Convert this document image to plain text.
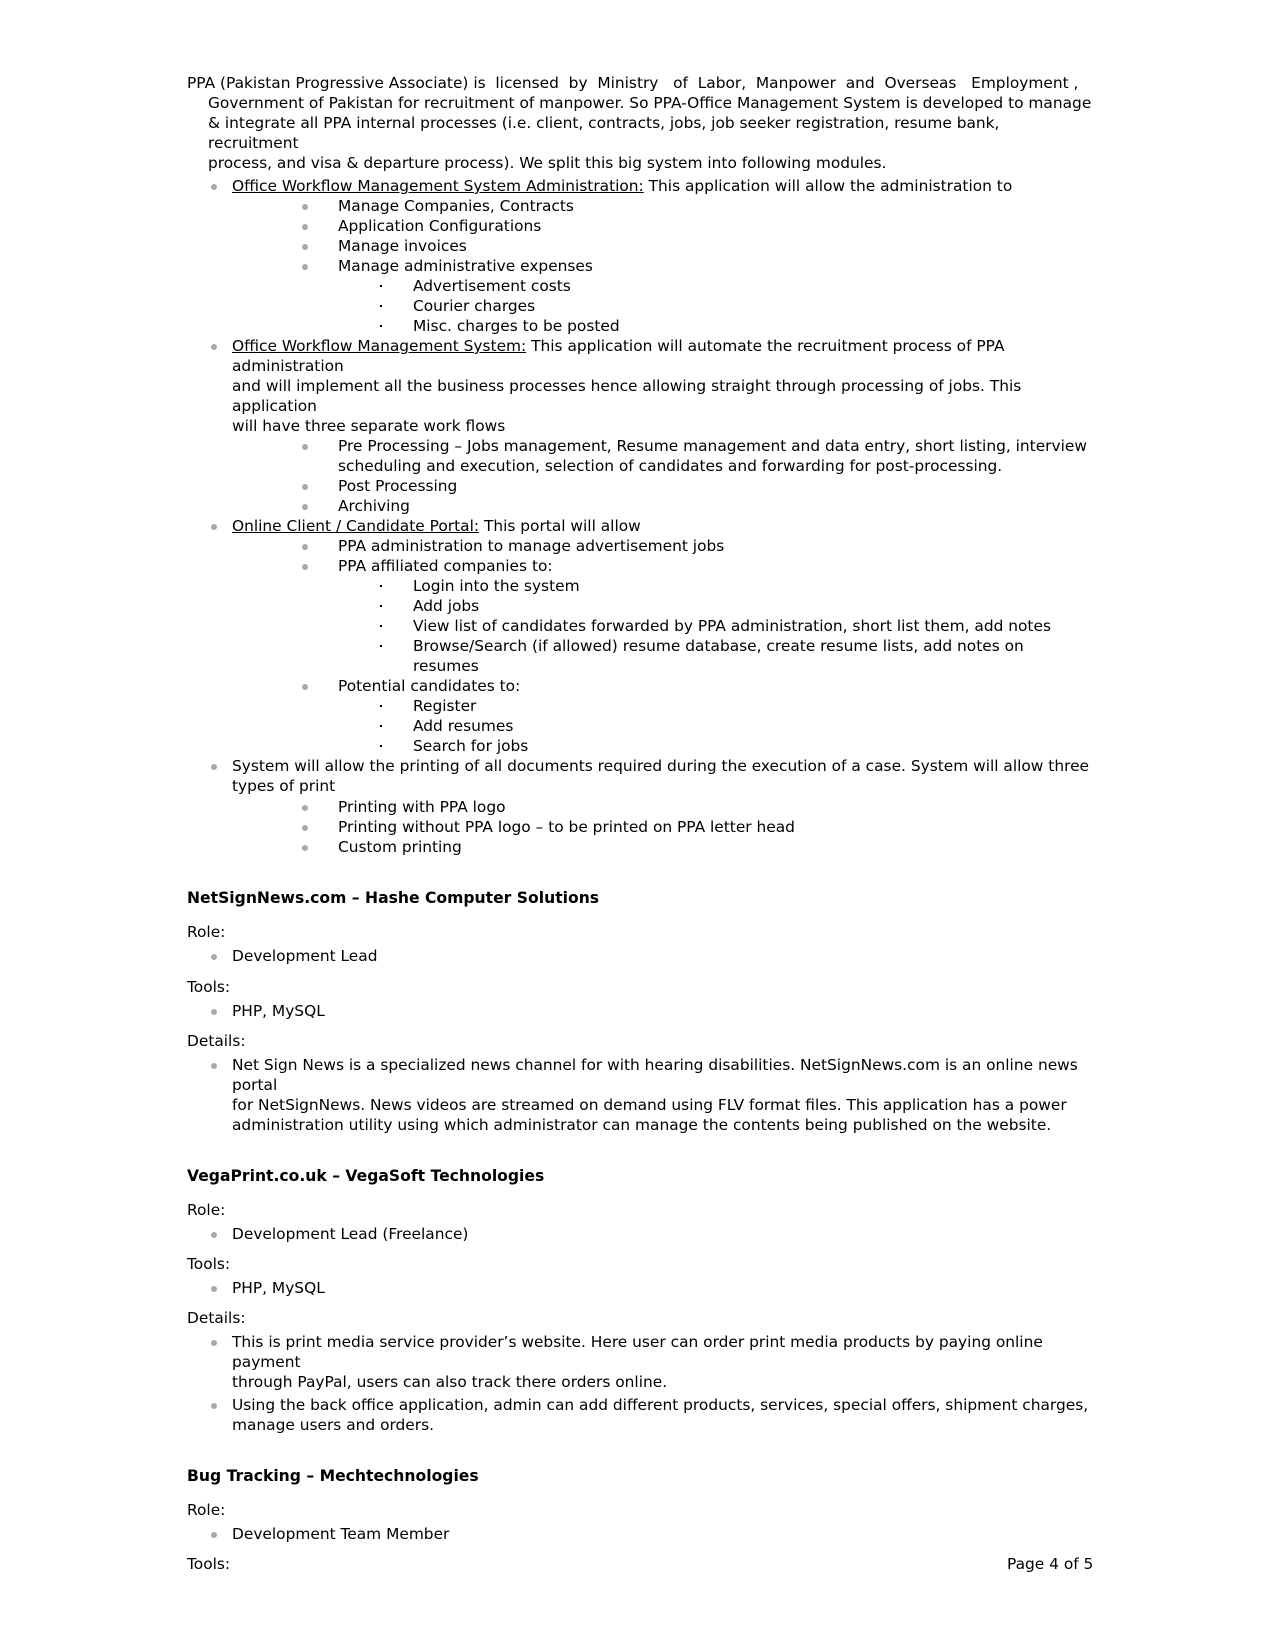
PPA (Pakistan Progressive Associate) is  licensed  by  Ministry   of  Labor,  Manpower  and  Overseas   Employment ,
Government of Pakistan for recruitment of manpower. So PPA-Office Management System is developed to manage
& integrate all PPA internal processes (i.e. client, contracts, jobs, job seeker registration, resume bank, recruitment
process, and visa & departure process). We split this big system into following modules.
Office Workflow Management System Administration: This application will allow the administration to
Manage Companies, Contracts
Application Configurations
Manage invoices
Manage administrative expenses
Advertisement costs
Courier charges
Misc. charges to be posted
Office Workflow Management System: This application will automate the recruitment process of PPA administration
and will implement all the business processes hence allowing straight through processing of jobs. This application
will have three separate work flows
Pre Processing – Jobs management, Resume management and data entry, short listing, interview
scheduling and execution, selection of candidates and forwarding for post-processing.
Post Processing
Archiving
Online Client / Candidate Portal: This portal will allow
PPA administration to manage advertisement jobs
PPA affiliated companies to:
Login into the system
Add jobs
View list of candidates forwarded by PPA administration, short list them, add notes
Browse/Search (if allowed) resume database, create resume lists, add notes on resumes
Potential candidates to:
Register
Add resumes
Search for jobs
System will allow the printing of all documents required during the execution of a case. System will allow three
types of print
Printing with PPA logo
Printing without PPA logo – to be printed on PPA letter head
Custom printing
NetSignNews.com – Hashe Computer Solutions
Role:
Development Lead
Tools:
PHP, MySQL
Details:
Net Sign News is a specialized news channel for with hearing disabilities. NetSignNews.com is an online news portal
for NetSignNews. News videos are streamed on demand using FLV format files. This application has a power
administration utility using which administrator can manage the contents being published on the website.
VegaPrint.co.uk – VegaSoft Technologies
Role:
Development Lead (Freelance)
Tools:
PHP, MySQL
Details:
This is print media service provider’s website. Here user can order print media products by paying online payment
through PayPal, users can also track there orders online.
Using the back office application, admin can add different products, services, special offers, shipment charges,
manage users and orders.
Bug Tracking – Mechtechnologies
Role:
Development Team Member
Tools:	Page 4 of 5
